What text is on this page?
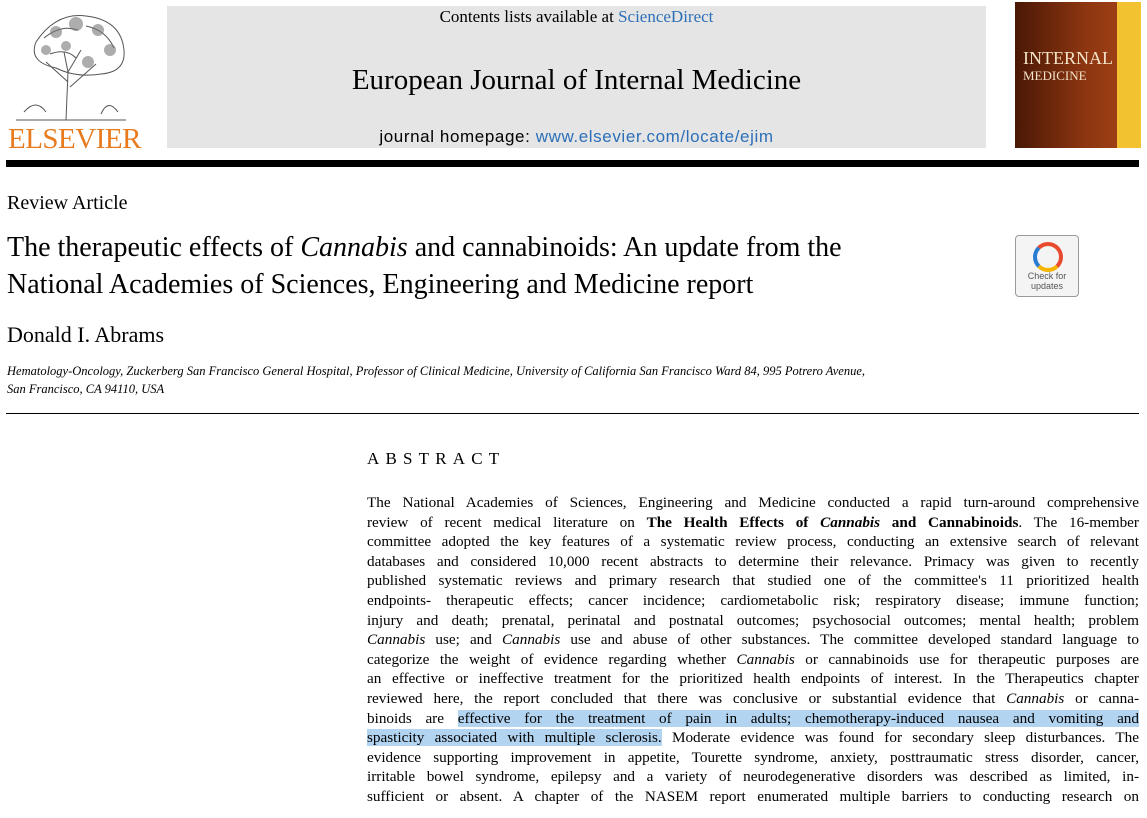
ELSEVIER
Contents lists available at ScienceDirect
European Journal of Internal Medicine
journal homepage: www.elsevier.com/locate/ejim
INTERNAL
MEDICINE
Review Article
The therapeutic effects of Cannabis and cannabinoids: An update from the
National Academies of Sciences, Engineering and Medicine report	Check for
updates
Donald I. Abrams
Hematology-Oncology, Zuckerberg San Francisco General Hospital, Professor of Clinical Medicine, University of California San Francisco Ward 84, 995 Potrero Avenue,
San Francisco, CA 94110, USA
ABSTRACT
The National Academies of Sciences, Engineering and Medicine conducted a rapid turn-around comprehensive
review of recent medical literature on The Health Effects of Cannabis and Cannabinoids. The 16-member
committee adopted the key features of a systematic review process, conducting an extensive search of relevant
databases and considered 10,000 recent abstracts to determine their relevance. Primacy was given to recently
published systematic reviews and primary research that studied one of the committee's 11 prioritized health
endpoints- therapeutic effects; cancer incidence; cardiometabolic risk; respiratory disease; immune function;
injury and death; prenatal, perinatal and postnatal outcomes; psychosocial outcomes; mental health; problem
Cannabis use; and Cannabis use and abuse of other substances. The committee developed standard language to
categorize the weight of evidence regarding whether Cannabis or cannabinoids use for therapeutic purposes are
an effective or ineffective treatment for the prioritized health endpoints of interest. In the Therapeutics chapter
reviewed here, the report concluded that there was conclusive or substantial evidence that Cannabis or canna-
binoids are effective for the treatment of pain in adults; chemotherapy-induced nausea and vomiting and
spasticity associated with multiple sclerosis. Moderate evidence was found for secondary sleep disturbances. The
evidence supporting improvement in appetite, Tourette syndrome, anxiety, posttraumatic stress disorder, cancer,
irritable bowel syndrome, epilepsy and a variety of neurodegenerative disorders was described as limited, in-
sufficient or absent. A chapter of the NASEM report enumerated multiple barriers to conducting research on
